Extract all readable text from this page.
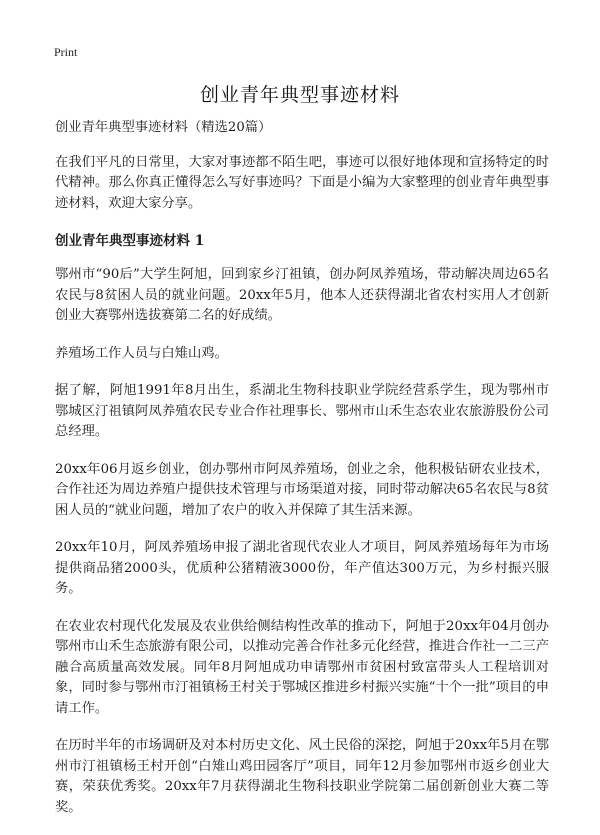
Print
创业青年典型事迹材料

创业青年典型事迹材料（精选20篇）

在我们平凡的日常里，大家对事迹都不陌生吧，事迹可以很好地体现和宣扬特定的时代精神。那么你真正懂得怎么写好事迹吗？下面是小编为大家整理的创业青年典型事迹材料，欢迎大家分享。

创业青年典型事迹材料 1

鄂州市“90后”大学生阿旭，回到家乡汀祖镇，创办阿凤养殖场，带动解决周边65名农民与8贫困人员的就业问题。20xx年5月，他本人还获得湖北省农村实用人才创新创业大赛鄂州选拔赛第二名的好成绩。

养殖场工作人员与白雉山鸡。

据了解，阿旭1991年8月出生，系湖北生物科技职业学院经营系学生，现为鄂州市鄂城区汀祖镇阿凤养殖农民专业合作社理事长、鄂州市山禾生态农业农旅游股份公司总经理。

20xx年06月返乡创业，创办鄂州市阿凤养殖场，创业之余，他积极钻研农业技术，合作社还为周边养殖户提供技术管理与市场渠道对接，同时带动解决65名农民与8贫困人员的“就业问题，增加了农户的收入并保障了其生活来源。

20xx年10月，阿凤养殖场申报了湖北省现代农业人才项目，阿凤养殖场每年为市场提供商品猪2000头，优质种公猪精液3000份，年产值达300万元，为乡村振兴服务。

在农业农村现代化发展及农业供给侧结构性改革的推动下，阿旭于20xx年04月创办鄂州市山禾生态旅游有限公司，以推动完善合作社多元化经营，推进合作社一二三产融合高质量高效发展。同年8月阿旭成功申请鄂州市贫困村致富带头人工程培训对象，同时参与鄂州市汀祖镇杨王村关于鄂城区推进乡村振兴实施“十个一批”项目的申请工作。

在历时半年的市场调研及对本村历史文化、风土民俗的深挖，阿旭于20xx年5月在鄂州市汀祖镇杨王村开创“白雉山鸡田园客厅”项目，同年12月参加鄂州市返乡创业大赛，荣获优秀奖。20xx年7月获得湖北生物科技职业学院第二届创新创业大赛二等奖。
